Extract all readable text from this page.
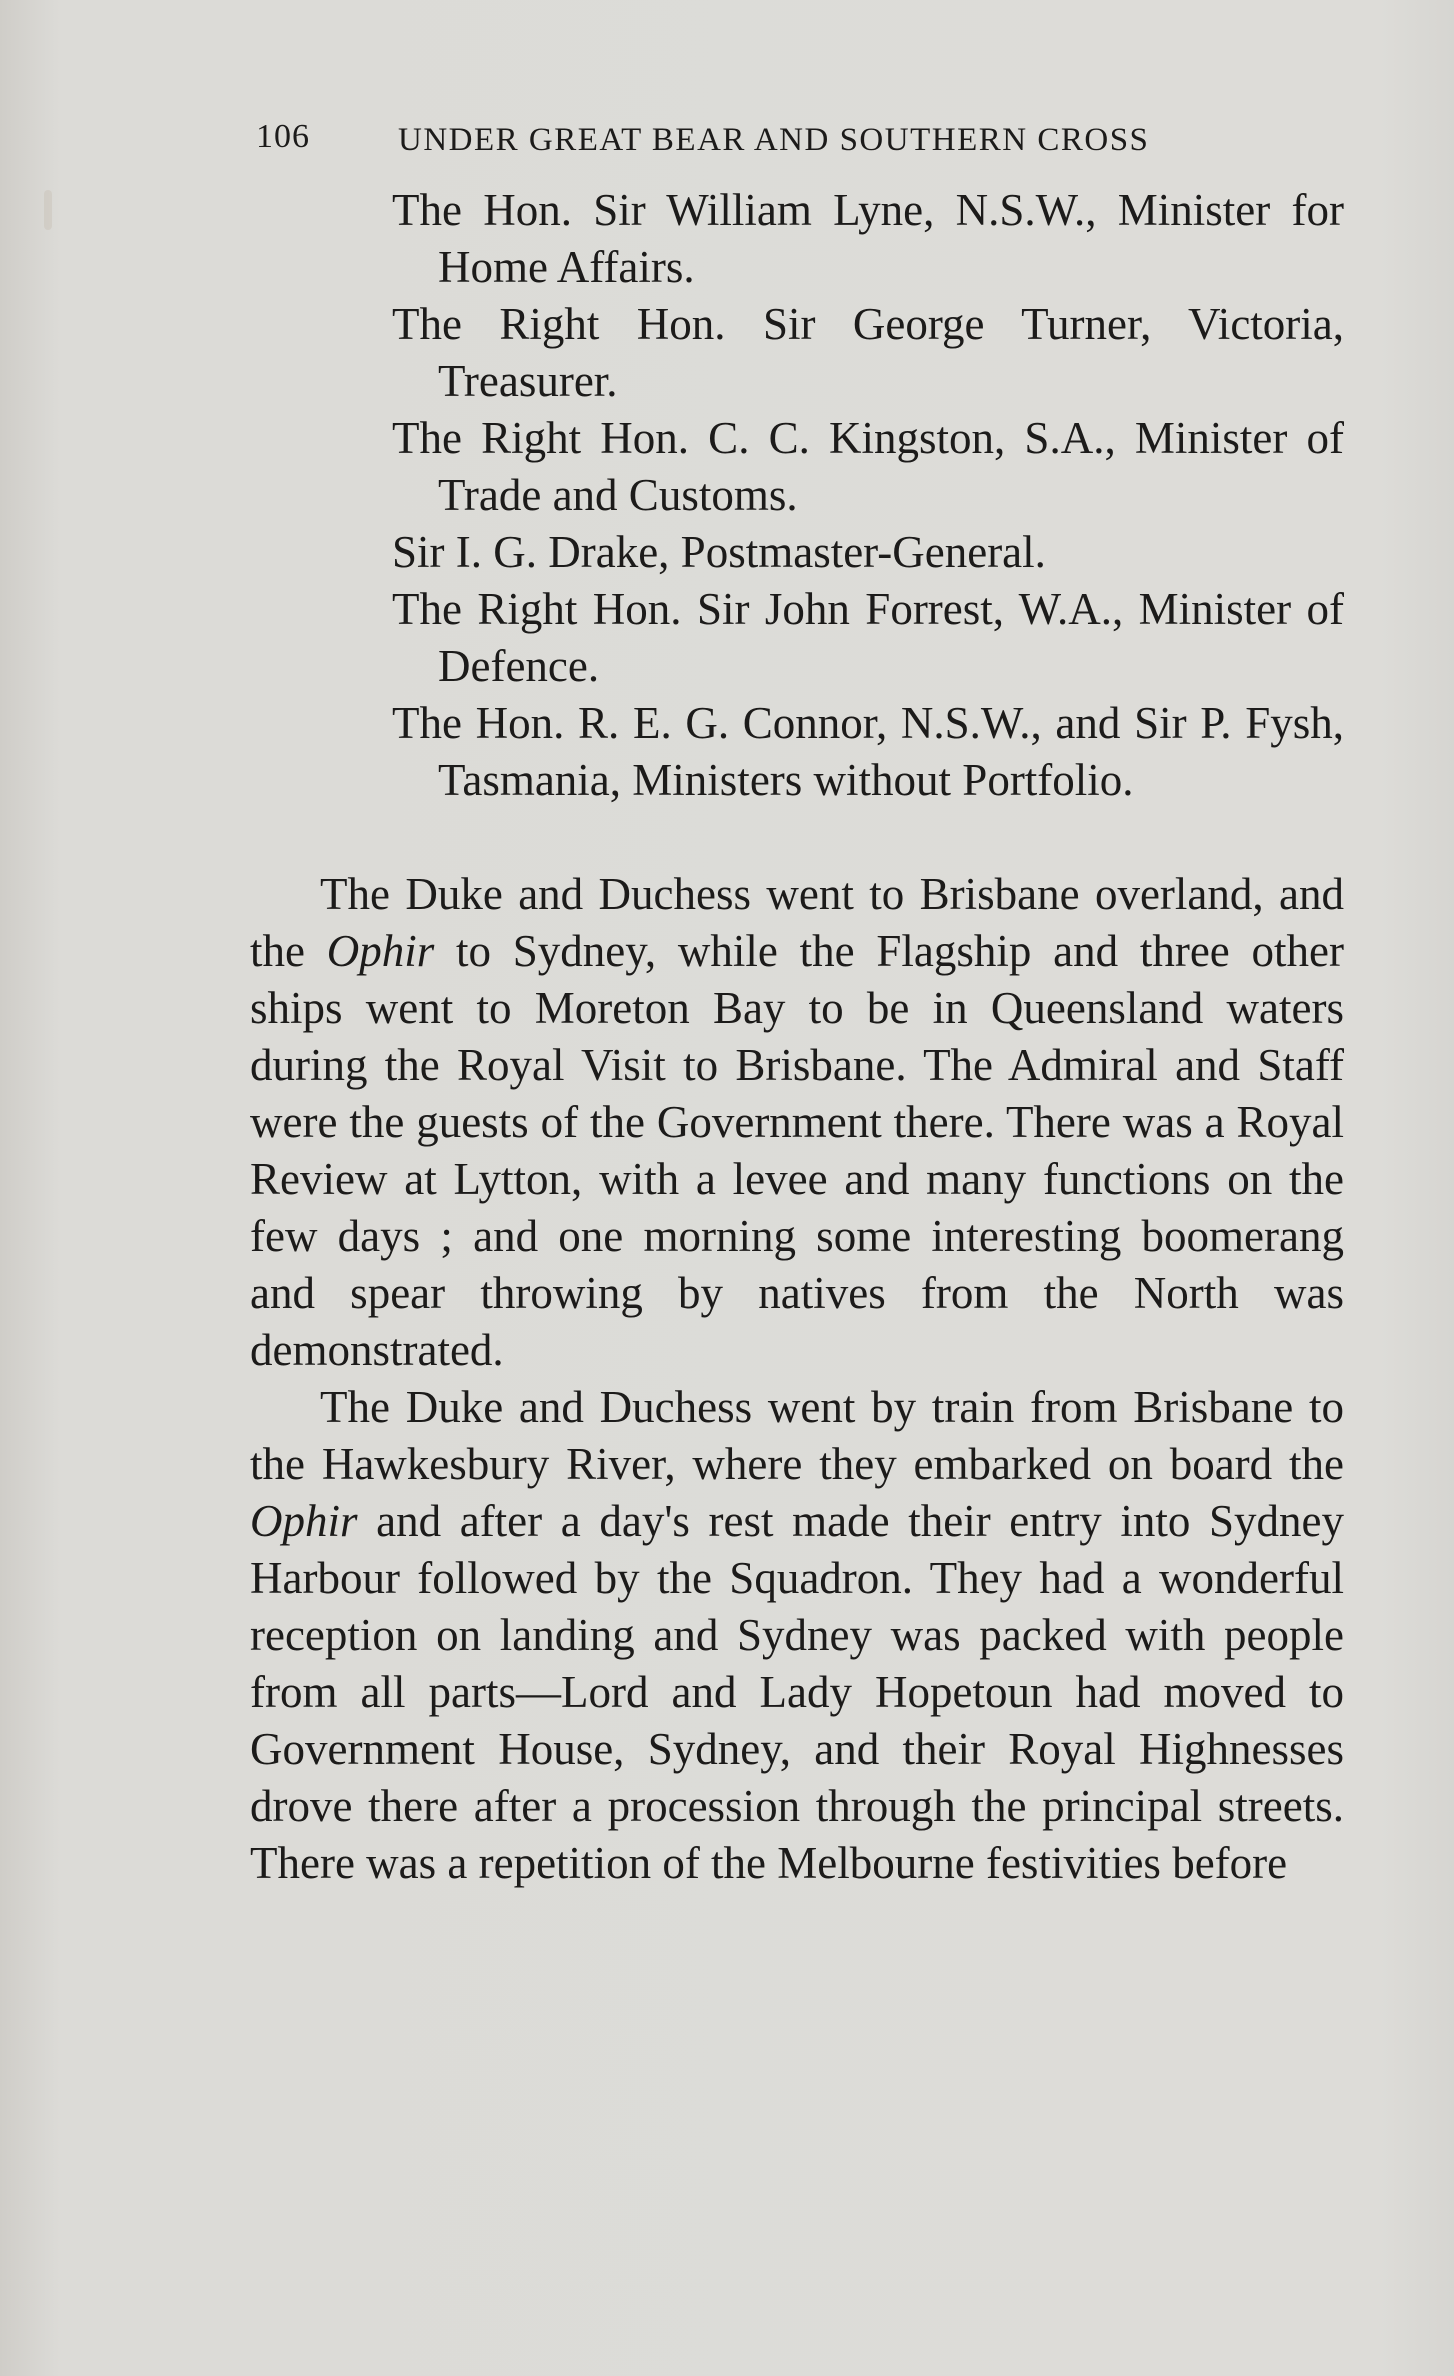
106	UNDER GREAT BEAR AND SOUTHERN CROSS

The Hon. Sir William Lyne, N.S.W., Minister for Home Affairs.

The Right Hon. Sir George Turner, Victoria, Treasurer.

The Right Hon. C. C. Kingston, S.A., Minister of Trade and Customs.

Sir I. G. Drake, Postmaster-General.

The Right Hon. Sir John Forrest, W.A., Minister of Defence.

The Hon. R. E. G. Connor, N.S.W., and Sir P. Fysh, Tasmania, Ministers without Portfolio.

The Duke and Duchess went to Brisbane overland, and the Ophir to Sydney, while the Flagship and three other ships went to Moreton Bay to be in Queensland waters during the Royal Visit to Brisbane. The Admiral and Staff were the guests of the Government there. There was a Royal Review at Lytton, with a levee and many functions on the few days ; and one morning some interesting boomerang and spear throwing by natives from the North was demonstrated.

The Duke and Duchess went by train from Brisbane to the Hawkesbury River, where they embarked on board the Ophir and after a day's rest made their entry into Sydney Harbour followed by the Squadron. They had a wonderful reception on landing and Sydney was packed with people from all parts—Lord and Lady Hopetoun had moved to Government House, Sydney, and their Royal Highnesses drove there after a procession through the principal streets. There was a repetition of the Melbourne festivities before
